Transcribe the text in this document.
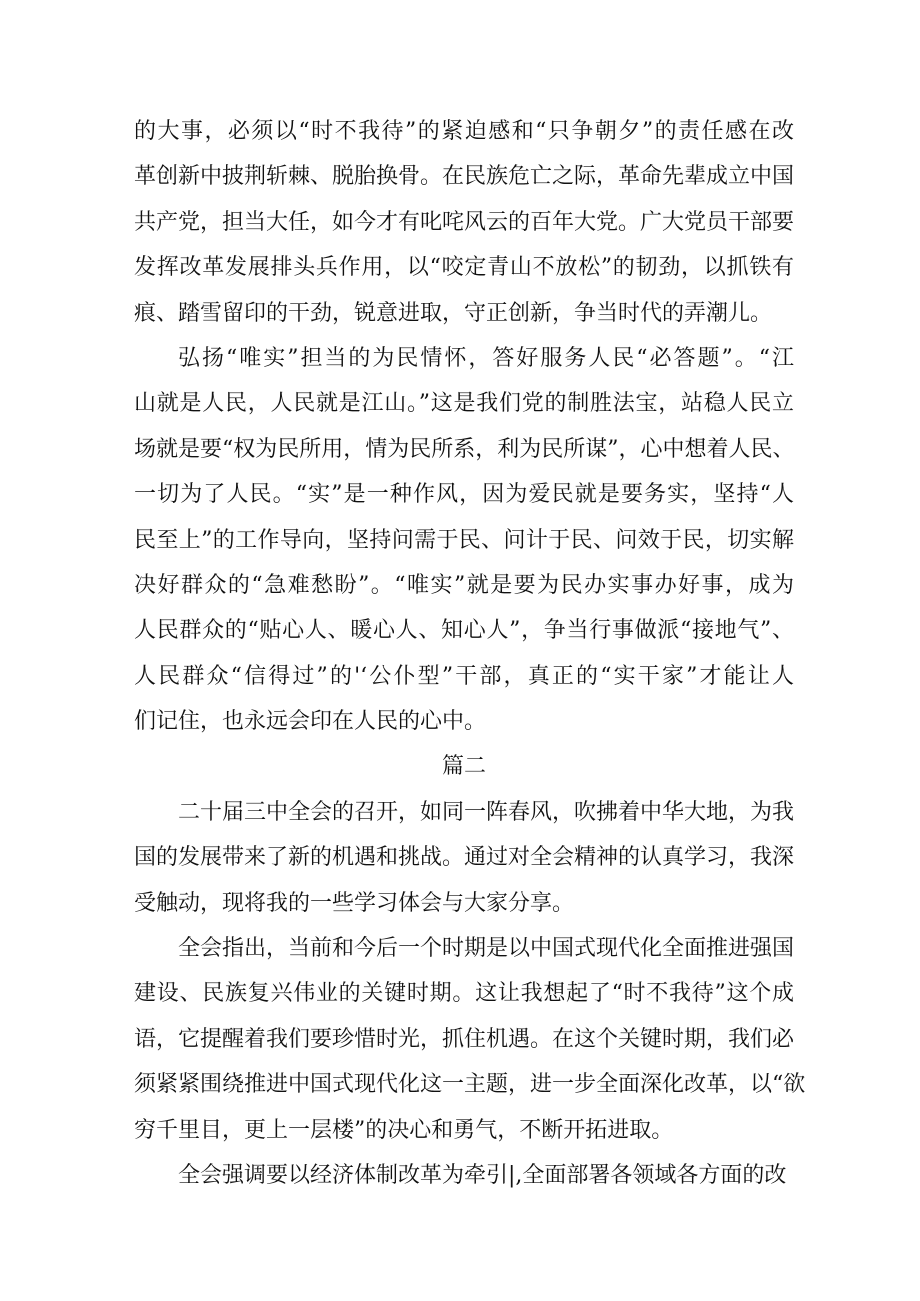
的大事，必须以“时不我待”的紧迫感和“只争朝夕”的责任感在改
革创新中披荆斩棘、脱胎换骨。在民族危亡之际，革命先辈成立中国
共产党，担当大任，如今才有叱咤风云的百年大党。广大党员干部要
发挥改革发展排头兵作用，以“咬定青山不放松”的韧劲，以抓铁有
痕、踏雪留印的干劲，锐意进取，守正创新，争当时代的弄潮儿。
弘扬“唯实”担当的为民情怀，答好服务人民“必答题”。“江
山就是人民，人民就是江山。”这是我们党的制胜法宝，站稳人民立
场就是要“权为民所用，情为民所系，利为民所谋”，心中想着人民、
一切为了人民。“实”是一种作风，因为爱民就是要务实，坚持“人
民至上”的工作导向，坚持问需于民、问计于民、问效于民，切实解
决好群众的“急难愁盼”。“唯实”就是要为民办实事办好事，成为
人民群众的“贴心人、暖心人、知心人”，争当行事做派“接地气”、
人民群众“信得过”的'‘公仆型”干部，真正的“实干家”才能让人
们记住，也永远会印在人民的心中。
篇二
二十届三中全会的召开，如同一阵春风，吹拂着中华大地，为我
国的发展带来了新的机遇和挑战。通过对全会精神的认真学习，我深
受触动，现将我的一些学习体会与大家分享。
全会指出，当前和今后一个时期是以中国式现代化全面推进强国
建设、民族复兴伟业的关键时期。这让我想起了“时不我待”这个成
语，它提醒着我们要珍惜时光，抓住机遇。在这个关键时期，我们必
须紧紧围绕推进中国式现代化这一主题，进一步全面深化改革，以“欲
穷千里目，更上一层楼”的决心和勇气，不断开拓进取。
全会强调要以经济体制改革为牵引|,全面部署各领域各方面的改
